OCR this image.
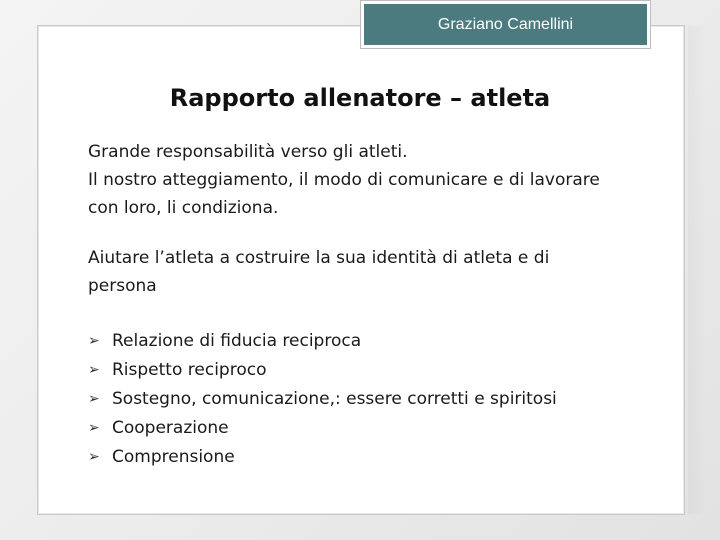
Graziano Camellini
Rapporto allenatore – atleta

Grande responsabilità verso gli atleti.
Il nostro atteggiamento, il modo di comunicare e di lavorare
con loro, li condiziona.

Aiutare l’atleta a costruire la sua identità di atleta e di
persona

➢ Relazione di fiducia reciproca
➢ Rispetto reciproco
➢ Sostegno, comunicazione,: essere corretti e spiritosi
➢ Cooperazione
➢ Comprensione
